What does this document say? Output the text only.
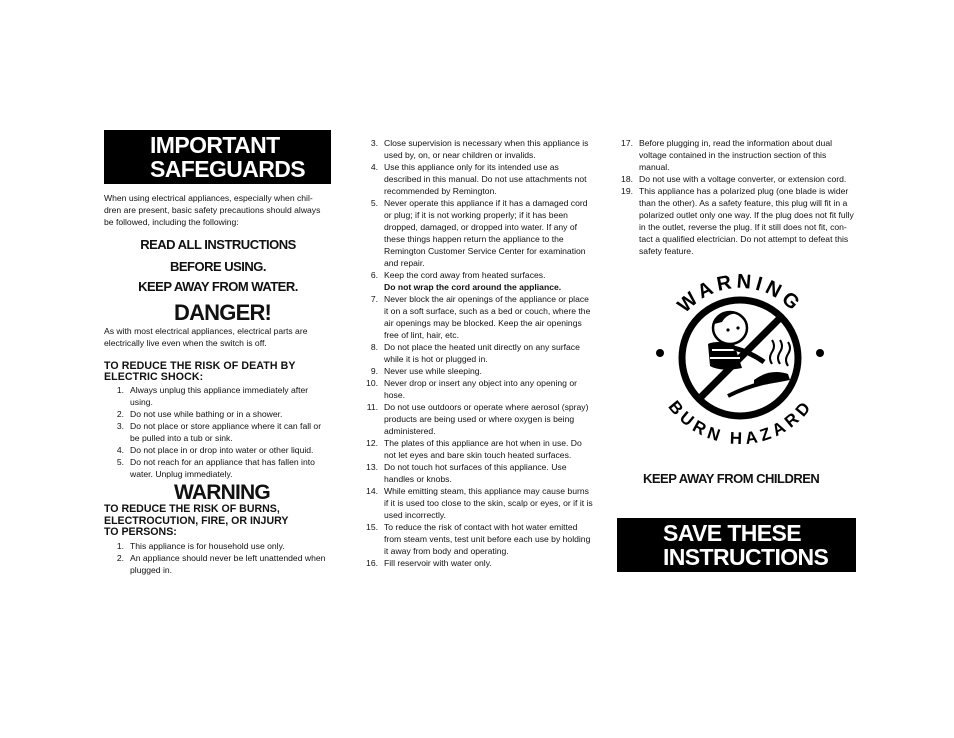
IMPORTANT
SAFEGUARDS
When using electrical appliances, especially when chil-
dren are present, basic safety precautions should always
be followed, including the following:
READ ALL INSTRUCTIONS
BEFORE USING.
KEEP AWAY FROM WATER.
DANGER!
As with most electrical appliances, electrical parts are
electrically live even when the switch is off.
TO REDUCE THE RISK OF DEATH BY
ELECTRIC SHOCK:
1. Always unplug this appliance immediately after using.
2. Do not use while bathing or in a shower.
3. Do not place or store appliance where it can fall or be pulled into a tub or sink.
4. Do not place in or drop into water or other liquid.
5. Do not reach for an appliance that has fallen into water. Unplug immediately.
WARNING
TO REDUCE THE RISK OF BURNS,
ELECTROCUTION, FIRE, OR INJURY
TO PERSONS:
1. This appliance is for household use only.
2. An appliance should never be left unattended when plugged in.
3. Close supervision is necessary when this appliance is used by, on, or near children or invalids.
4. Use this appliance only for its intended use as described in this manual. Do not use attachments not recommended by Remington.
5. Never operate this appliance if it has a damaged cord or plug; if it is not working properly; if it has been dropped, damaged, or dropped into water. If any of these things happen return the appliance to the Remington Customer Service Center for examination and repair.
6. Keep the cord away from heated surfaces.
Do not wrap the cord around the appliance.
7. Never block the air openings of the appliance or place it on a soft surface, such as a bed or couch, where the air openings may be blocked. Keep the air openings free of lint, hair, etc.
8. Do not place the heated unit directly on any surface while it is hot or plugged in.
9. Never use while sleeping.
10. Never drop or insert any object into any opening or hose.
11. Do not use outdoors or operate where aerosol (spray) products are being used or where oxygen is being administered.
12. The plates of this appliance are hot when in use. Do not let eyes and bare skin touch heated surfaces.
13. Do not touch hot surfaces of this appliance. Use handles or knobs.
14. While emitting steam, this appliance may cause burns if it is used too close to the skin, scalp or eyes, or if it is used incorrectly.
15. To reduce the risk of contact with hot water emitted from steam vents, test unit before each use by holding it away from body and operating.
16. Fill reservoir with water only.
17. Before plugging in, read the information about dual voltage contained in the instruction section of this manual.
18. Do not use with a voltage converter, or extension cord.
19. This appliance has a polarized plug (one blade is wider than the other). As a safety feature, this plug will fit in a polarized outlet only one way. If the plug does not fit fully in the outlet, reverse the plug. If it still does not fit, con- tact a qualified electrician. Do not attempt to defeat this safety feature.
WARNING
BURN HAZARD
KEEP AWAY FROM CHILDREN
SAVE THESE
INSTRUCTIONS
